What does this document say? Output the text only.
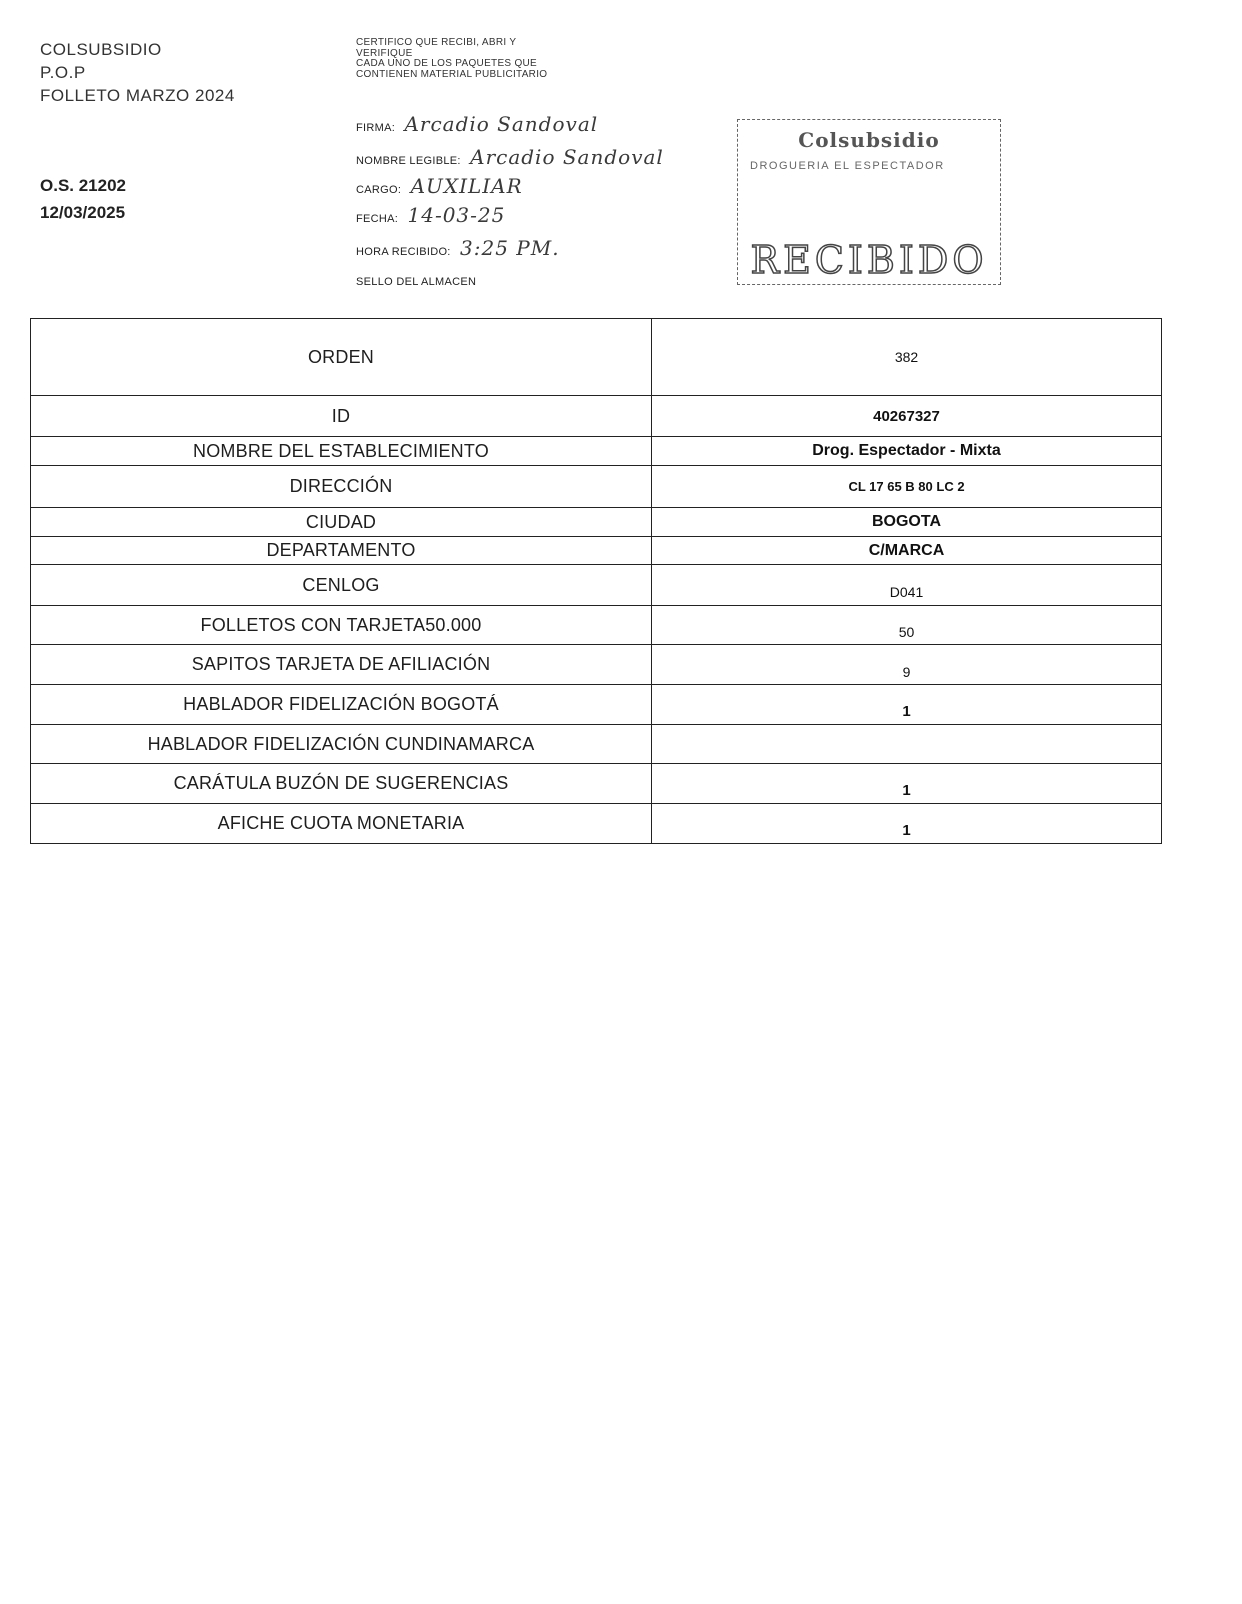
COLSUBSIDIO
P.O.P
FOLLETO MARZO 2024
O.S. 21202
12/03/2025
CERTIFICO QUE RECIBI, ABRI Y
VERIFIQUE
CADA UNO DE LOS PAQUETES QUE
CONTIENEN MATERIAL PUBLICITARIO
FIRMA: Arcadio Sandoval
NOMBRE LEGIBLE: Arcadio Sandoval
CARGO: AUXILIAR
FECHA: 14-03-25
HORA RECIBIDO: 3:25 PM.
SELLO DEL ALMACEN
Colsubsidio
DROGUERIA EL ESPECTADOR
RECIBIDO
ORDEN	382
ID	40267327
NOMBRE DEL ESTABLECIMIENTO	Drog. Espectador - Mixta
DIRECCIÓN	CL 17 65 B 80 LC 2
CIUDAD	BOGOTA
DEPARTAMENTO	C/MARCA
CENLOG	D041

FOLLETOS CON TARJETA50.000	50

SAPITOS TARJETA DE AFILIACIÓN	9

HABLADOR FIDELIZACIÓN BOGOTÁ	1

HABLADOR FIDELIZACIÓN CUNDINAMARCA	
CARÁTULA BUZÓN DE SUGERENCIAS	1

AFICHE CUOTA MONETARIA	1
